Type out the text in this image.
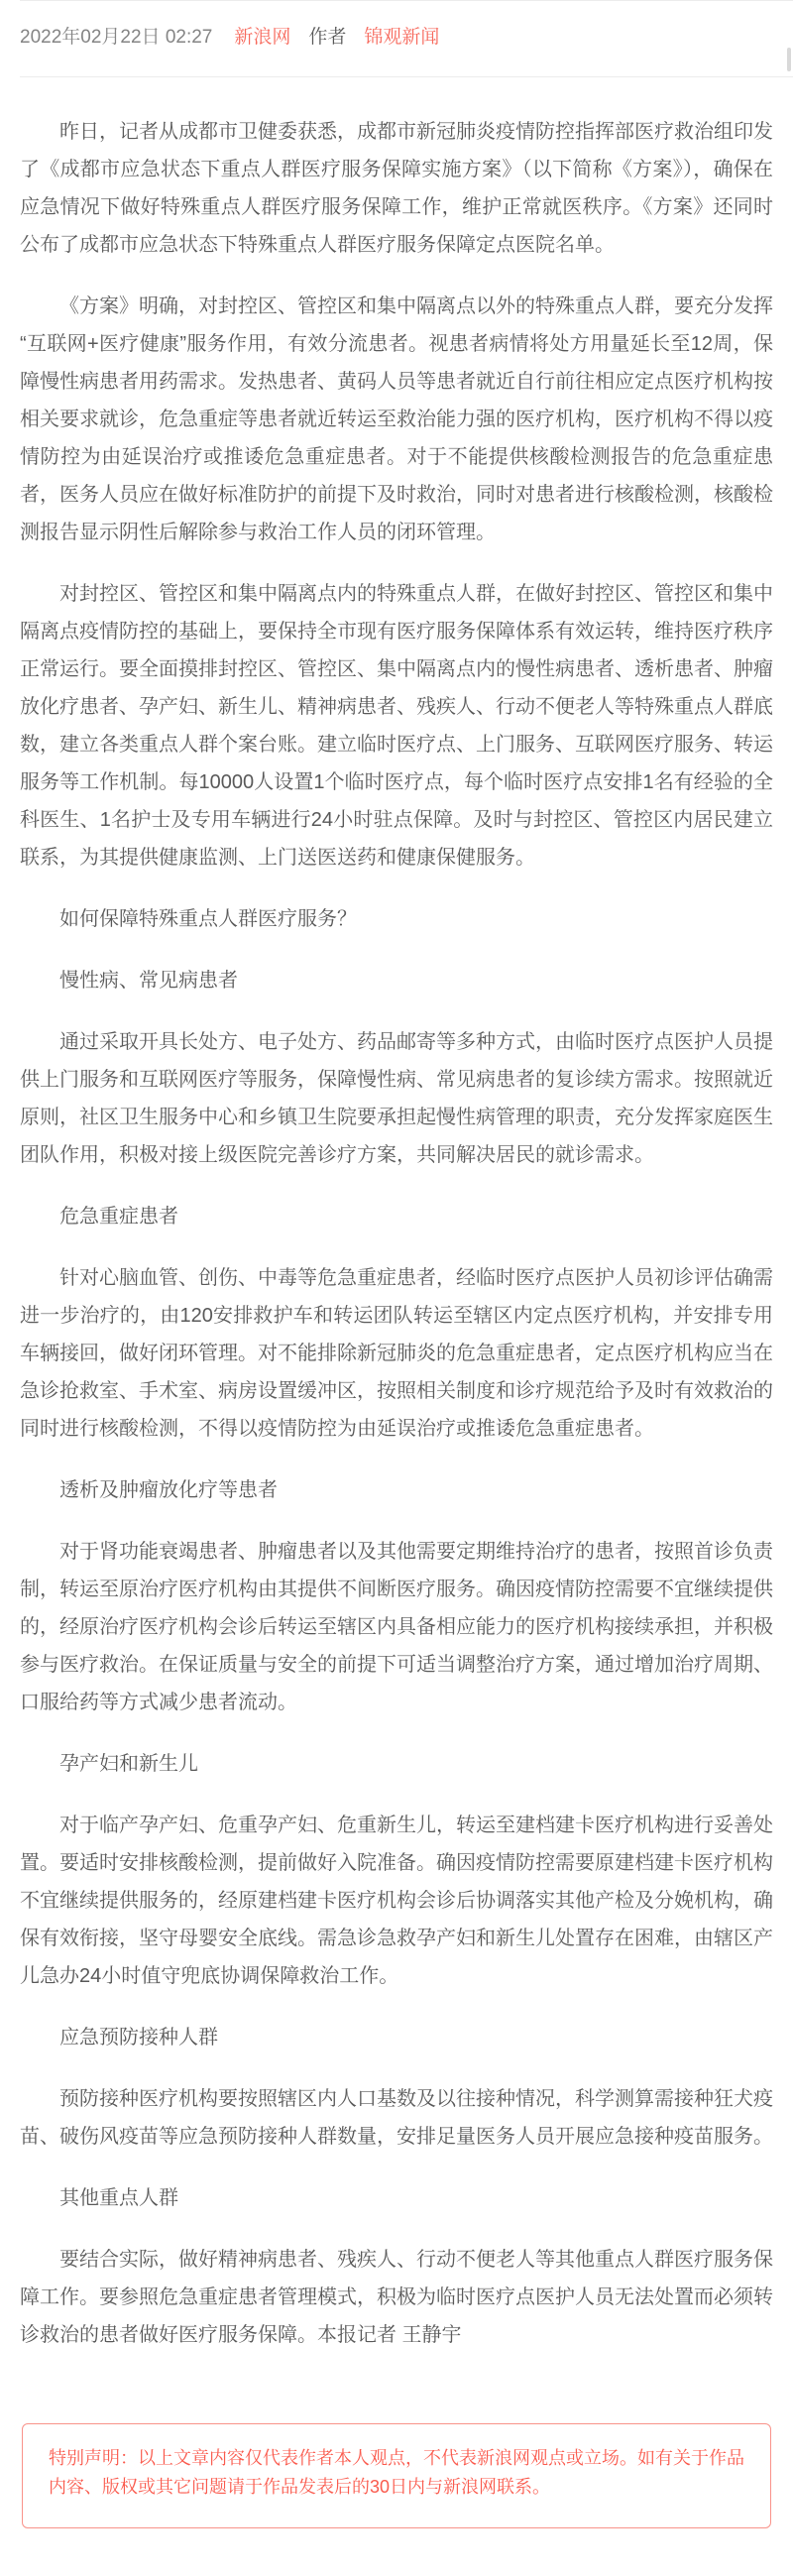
2022年02月22日 02:27 新浪网 作者 锦观新闻

昨日，记者从成都市卫健委获悉，成都市新冠肺炎疫情防控指挥部医疗救治组印发了《成都市应急状态下重点人群医疗服务保障实施方案》（以下简称《方案》），确保在应急情况下做好特殊重点人群医疗服务保障工作，维护正常就医秩序。《方案》还同时公布了成都市应急状态下特殊重点人群医疗服务保障定点医院名单。

《方案》明确，对封控区、管控区和集中隔离点以外的特殊重点人群，要充分发挥“互联网+医疗健康”服务作用，有效分流患者。视患者病情将处方用量延长至12周，保障慢性病患者用药需求。发热患者、黄码人员等患者就近自行前往相应定点医疗机构按相关要求就诊，危急重症等患者就近转运至救治能力强的医疗机构，医疗机构不得以疫情防控为由延误治疗或推诿危急重症患者。对于不能提供核酸检测报告的危急重症患者，医务人员应在做好标准防护的前提下及时救治，同时对患者进行核酸检测，核酸检测报告显示阴性后解除参与救治工作人员的闭环管理。

对封控区、管控区和集中隔离点内的特殊重点人群，在做好封控区、管控区和集中隔离点疫情防控的基础上，要保持全市现有医疗服务保障体系有效运转，维持医疗秩序正常运行。要全面摸排封控区、管控区、集中隔离点内的慢性病患者、透析患者、肿瘤放化疗患者、孕产妇、新生儿、精神病患者、残疾人、行动不便老人等特殊重点人群底数，建立各类重点人群个案台账。建立临时医疗点、上门服务、互联网医疗服务、转运服务等工作机制。每10000人设置1个临时医疗点，每个临时医疗点安排1名有经验的全科医生、1名护士及专用车辆进行24小时驻点保障。及时与封控区、管控区内居民建立联系，为其提供健康监测、上门送医送药和健康保健服务。

如何保障特殊重点人群医疗服务？

慢性病、常见病患者

通过采取开具长处方、电子处方、药品邮寄等多种方式，由临时医疗点医护人员提供上门服务和互联网医疗等服务，保障慢性病、常见病患者的复诊续方需求。按照就近原则，社区卫生服务中心和乡镇卫生院要承担起慢性病管理的职责，充分发挥家庭医生团队作用，积极对接上级医院完善诊疗方案，共同解决居民的就诊需求。

危急重症患者

针对心脑血管、创伤、中毒等危急重症患者，经临时医疗点医护人员初诊评估确需进一步治疗的，由120安排救护车和转运团队转运至辖区内定点医疗机构，并安排专用车辆接回，做好闭环管理。对不能排除新冠肺炎的危急重症患者，定点医疗机构应当在急诊抢救室、手术室、病房设置缓冲区，按照相关制度和诊疗规范给予及时有效救治的同时进行核酸检测，不得以疫情防控为由延误治疗或推诿危急重症患者。

透析及肿瘤放化疗等患者

对于肾功能衰竭患者、肿瘤患者以及其他需要定期维持治疗的患者，按照首诊负责制，转运至原治疗医疗机构由其提供不间断医疗服务。确因疫情防控需要不宜继续提供的，经原治疗医疗机构会诊后转运至辖区内具备相应能力的医疗机构接续承担，并积极参与医疗救治。在保证质量与安全的前提下可适当调整治疗方案，通过增加治疗周期、口服给药等方式减少患者流动。

孕产妇和新生儿

对于临产孕产妇、危重孕产妇、危重新生儿，转运至建档建卡医疗机构进行妥善处置。要适时安排核酸检测，提前做好入院准备。确因疫情防控需要原建档建卡医疗机构不宜继续提供服务的，经原建档建卡医疗机构会诊后协调落实其他产检及分娩机构，确保有效衔接，坚守母婴安全底线。需急诊急救孕产妇和新生儿处置存在困难，由辖区产儿急办24小时值守兜底协调保障救治工作。

应急预防接种人群

预防接种医疗机构要按照辖区内人口基数及以往接种情况，科学测算需接种狂犬疫苗、破伤风疫苗等应急预防接种人群数量，安排足量医务人员开展应急接种疫苗服务。

其他重点人群

要结合实际，做好精神病患者、残疾人、行动不便老人等其他重点人群医疗服务保障工作。要参照危急重症患者管理模式，积极为临时医疗点医护人员无法处置而必须转诊救治的患者做好医疗服务保障。本报记者 王静宇

特别声明：以上文章内容仅代表作者本人观点，不代表新浪网观点或立场。如有关于作品内容、版权或其它问题请于作品发表后的30日内与新浪网联系。
